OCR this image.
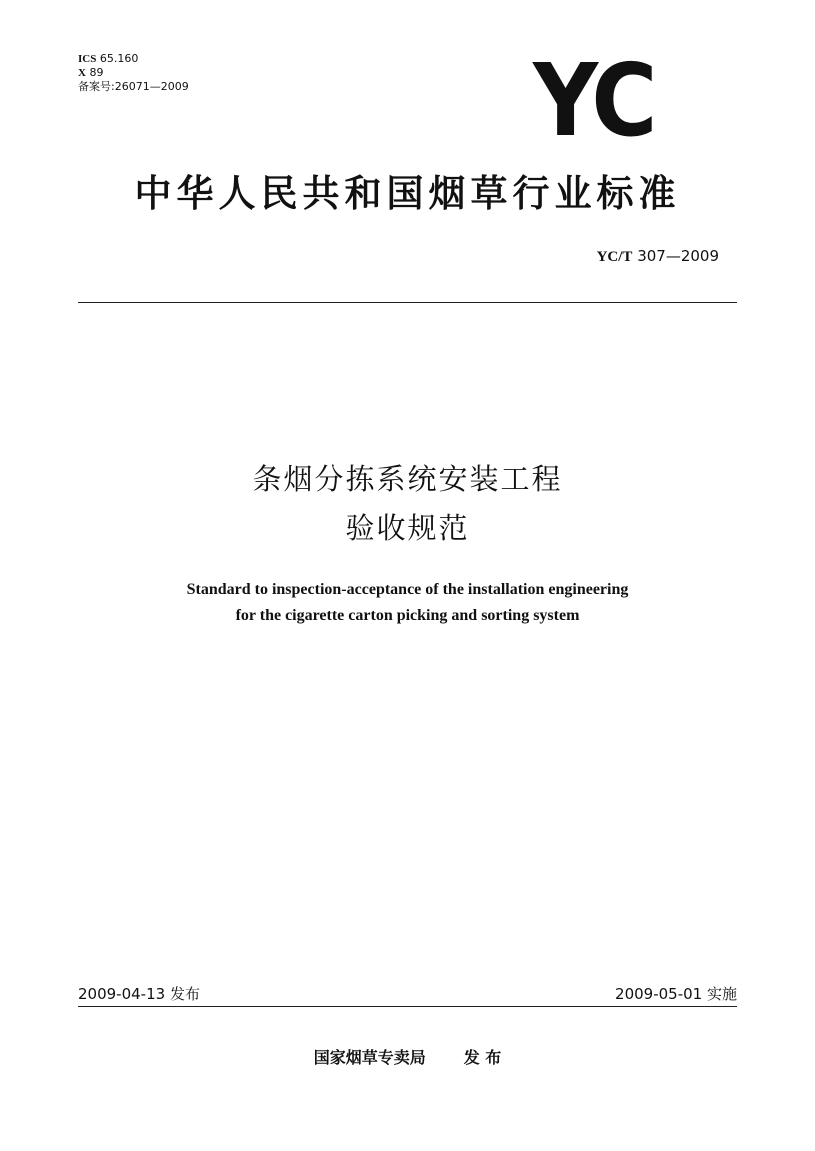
ICS 65.160
X 89
备案号:26071—2009	YC
中华人民共和国烟草行业标准
YC/T 307—2009
条烟分拣系统安装工程
验收规范
Standard to inspection-acceptance of the installation engineering
for the cigarette carton picking and sorting system
2009-04-13 发布	2009-05-01 实施
国家烟草专卖局 发 布
